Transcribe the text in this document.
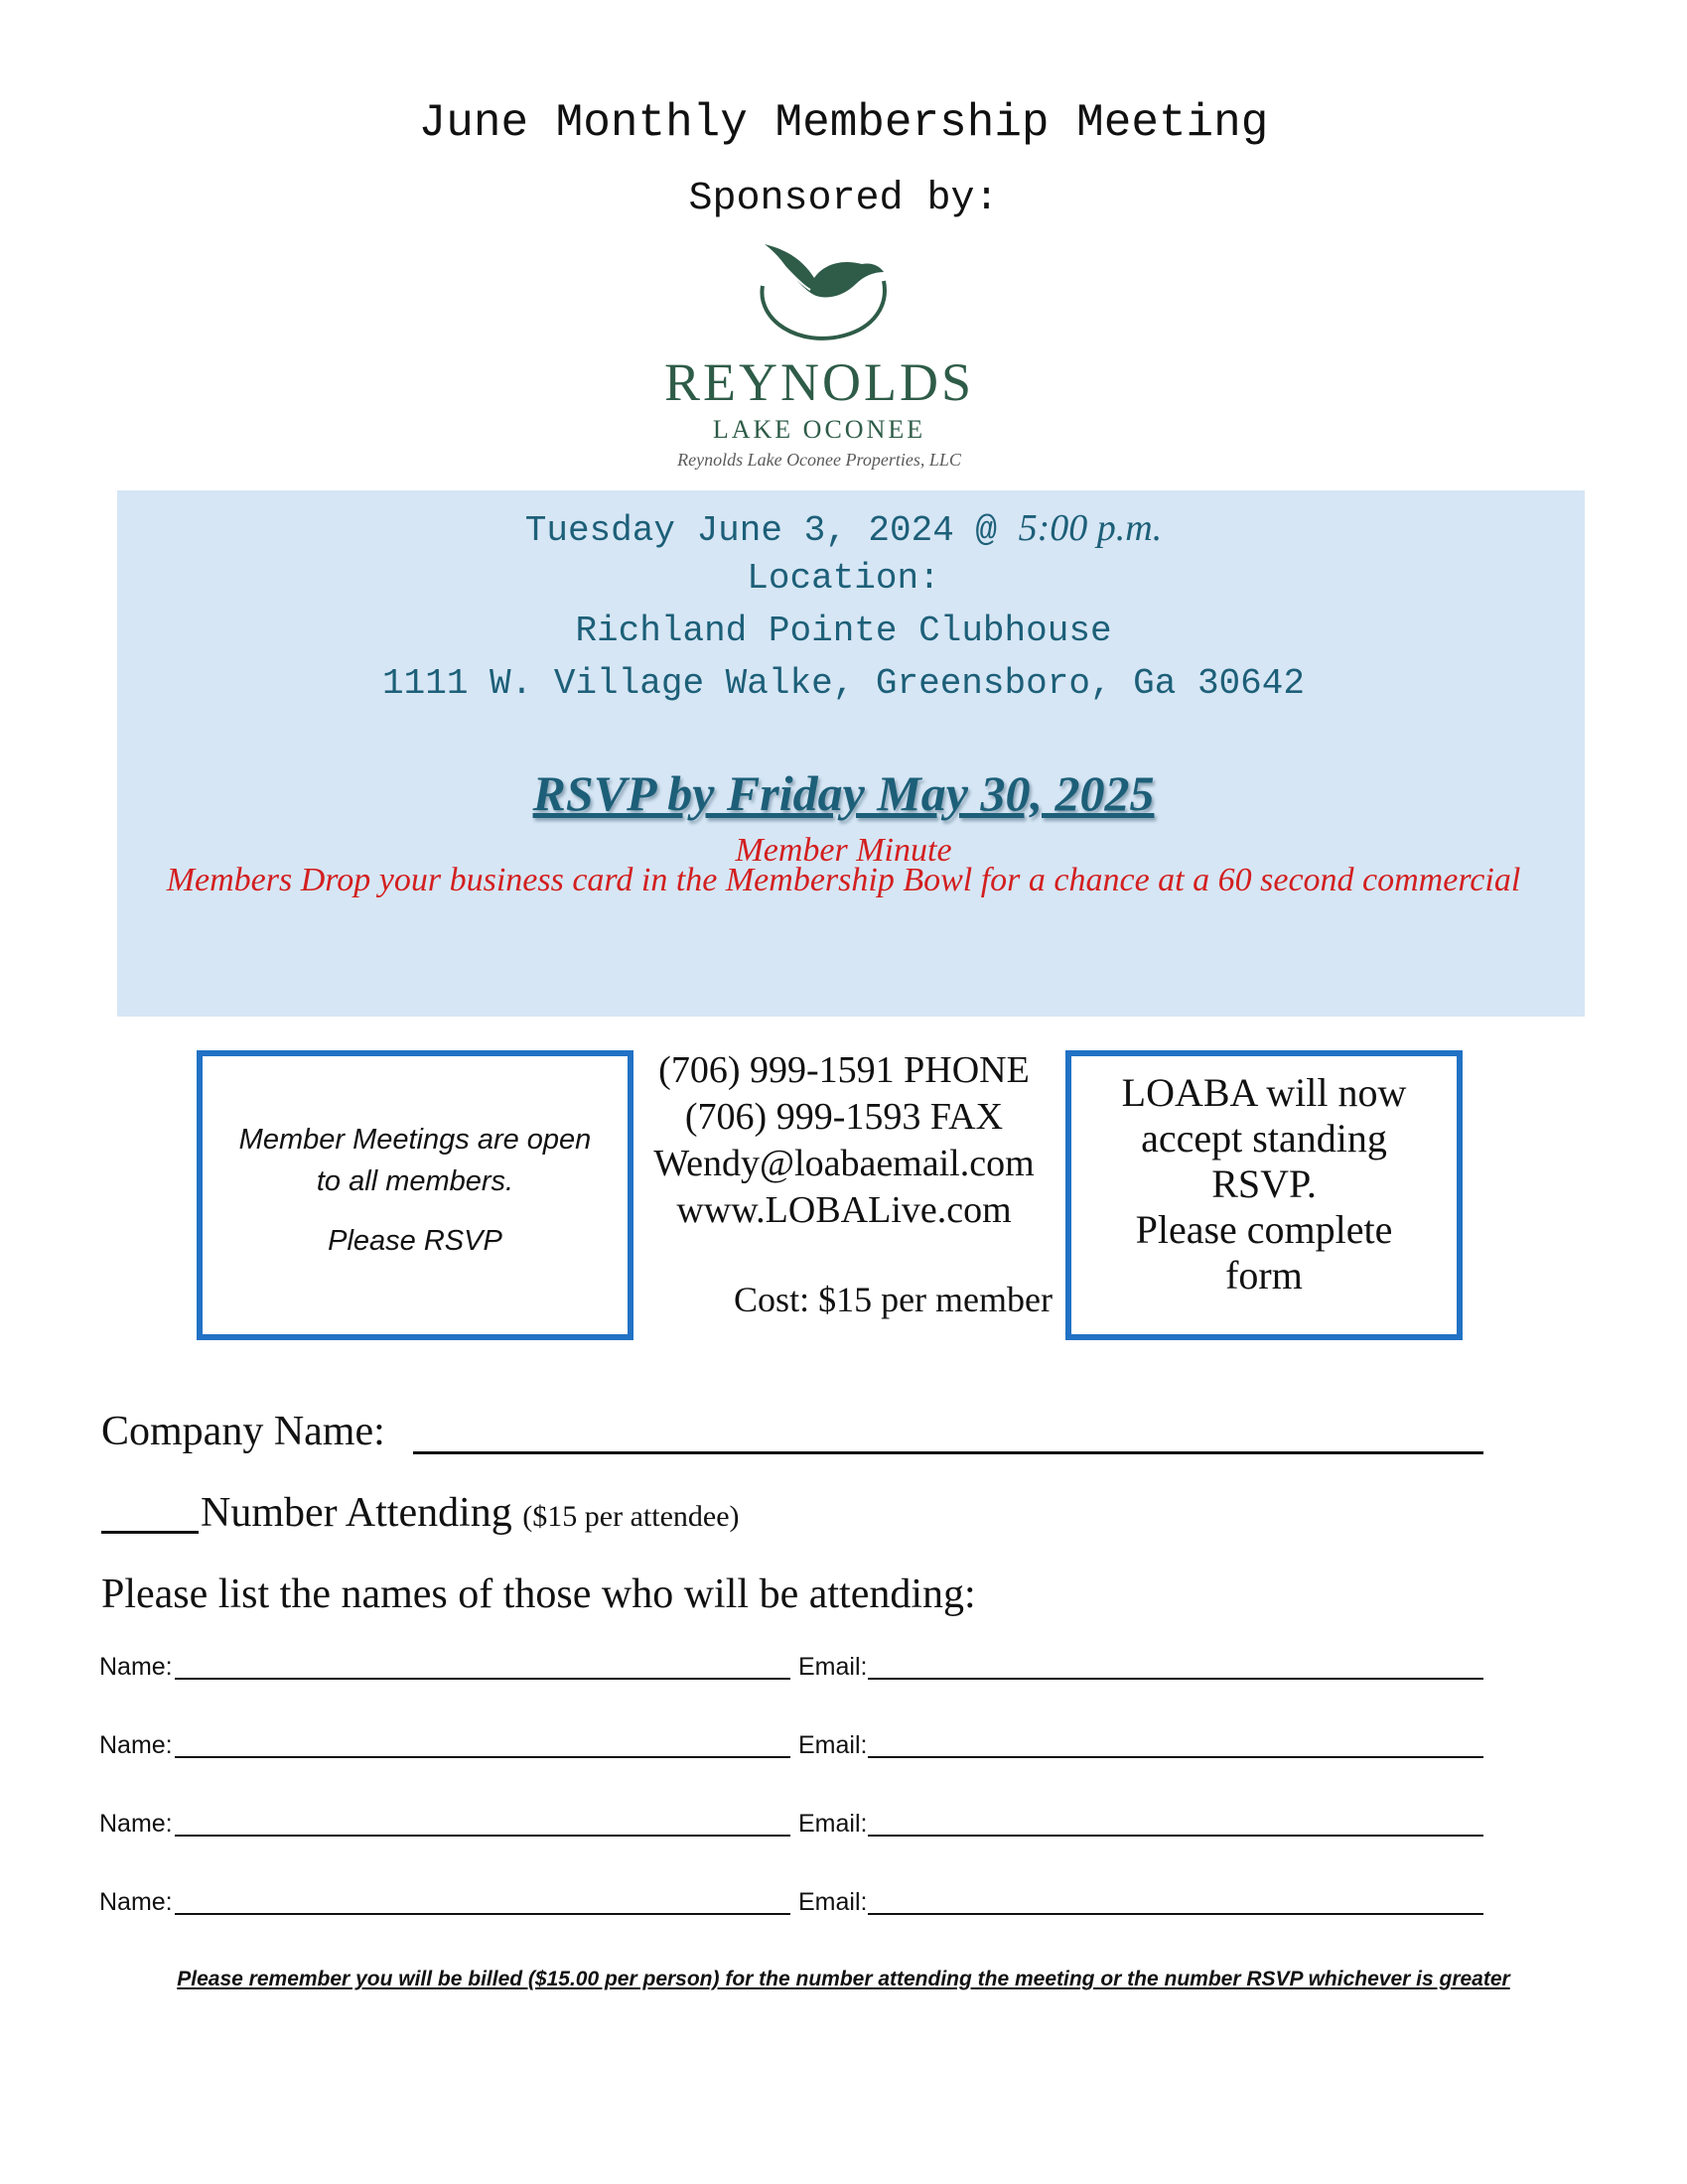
June Monthly Membership Meeting
Sponsored by:
REYNOLDS
LAKE OCONEE
Reynolds Lake Oconee Properties, LLC
Tuesday June 3, 2024 @ 5:00 p.m.
Location:
Richland Pointe Clubhouse
1111 W. Village Walke, Greensboro, Ga 30642
RSVP by Friday May 30, 2025
Member Minute
Members Drop your business card in the Membership Bowl for a chance at a 60 second commercial
Member Meetings are open
to all members.
Please RSVP
(706) 999-1591 PHONE
(706) 999-1593 FAX
Wendy@loabaemail.com
www.LOBALive.com
Cost: $15 per member
LOABA will now
accept standing
RSVP.
Please complete
form
Company Name:
Number Attending ($15 per attendee)
Please list the names of those who will be attending:
Name:	Email:
Name:	Email:
Name:	Email:
Name:	Email:
Please remember you will be billed ($15.00 per person) for the number attending the meeting or the number RSVP whichever is greater
